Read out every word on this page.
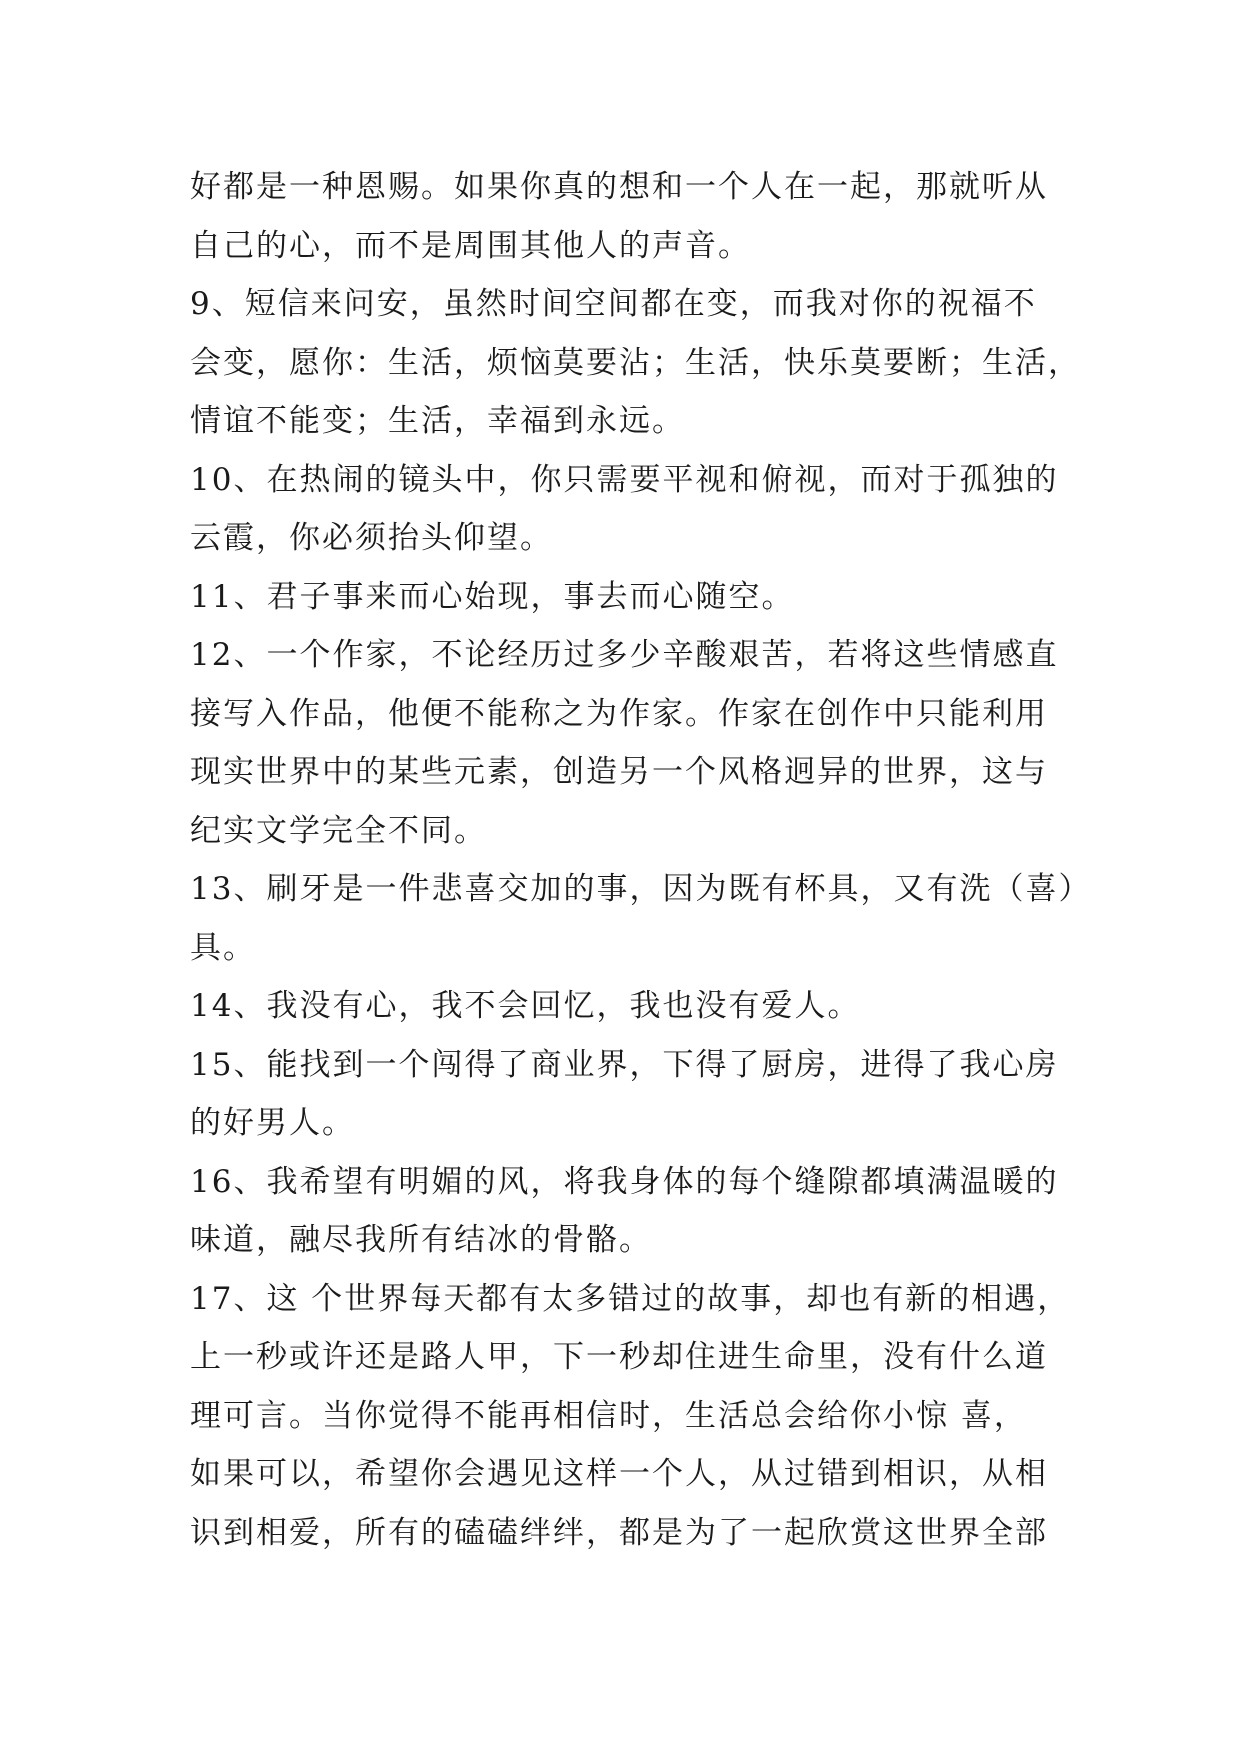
好都是一种恩赐。如果你真的想和一个人在一起，那就听从
自己的心，而不是周围其他人的声音。
9、短信来问安，虽然时间空间都在变，而我对你的祝福不
会变，愿你：生活，烦恼莫要沾；生活，快乐莫要断；生活，
情谊不能变；生活，幸福到永远。
10、在热闹的镜头中，你只需要平视和俯视，而对于孤独的
云霞，你必须抬头仰望。
11、君子事来而心始现，事去而心随空。
12、一个作家，不论经历过多少辛酸艰苦，若将这些情感直
接写入作品，他便不能称之为作家。作家在创作中只能利用
现实世界中的某些元素，创造另一个风格迥异的世界，这与
纪实文学完全不同。
13、刷牙是一件悲喜交加的事，因为既有杯具，又有洗（喜）
具。
14、我没有心，我不会回忆，我也没有爱人。
15、能找到一个闯得了商业界，下得了厨房，进得了我心房
的好男人。
16、我希望有明媚的风，将我身体的每个缝隙都填满温暖的
味道，融尽我所有结冰的骨骼。
17、这 个世界每天都有太多错过的故事，却也有新的相遇，
上一秒或许还是路人甲，下一秒却住进生命里，没有什么道
理可言。当你觉得不能再相信时，生活总会给你小惊 喜，
如果可以，希望你会遇见这样一个人，从过错到相识，从相
识到相爱，所有的磕磕绊绊，都是为了一起欣赏这世界全部
